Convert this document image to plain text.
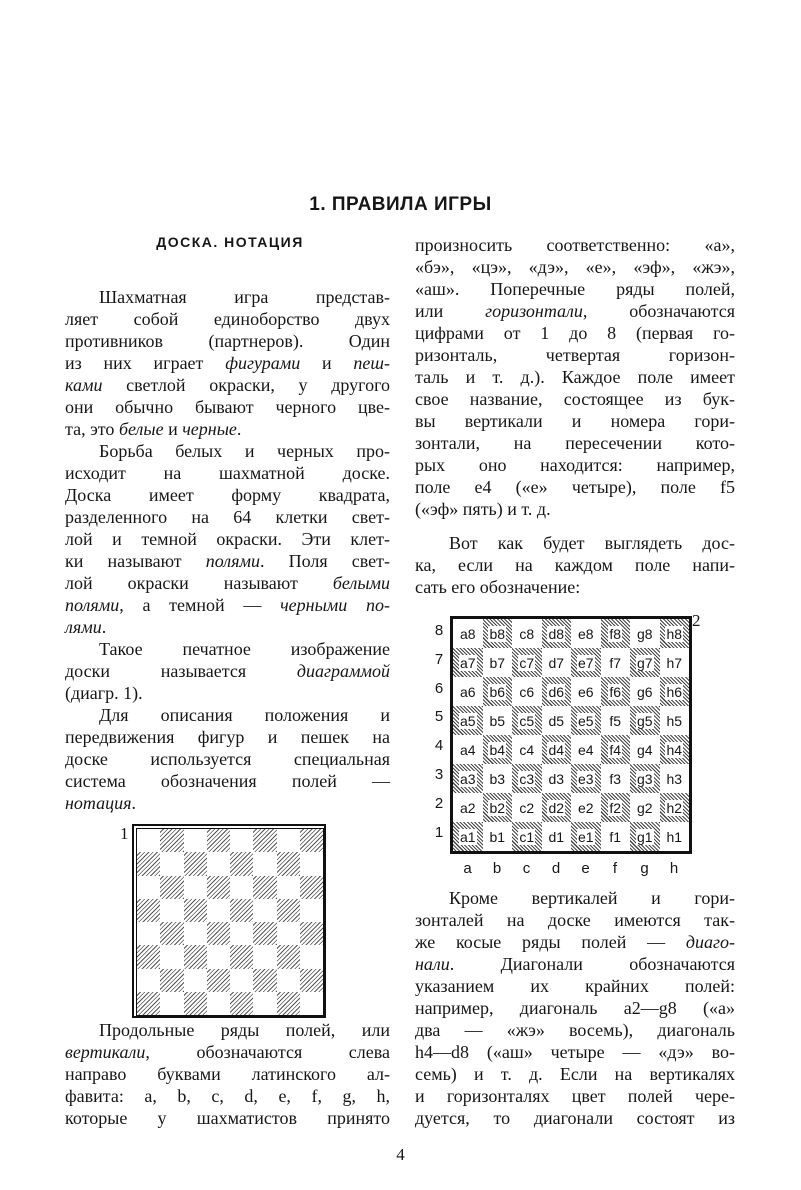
1. ПРАВИЛА ИГРЫ
ДОСКА. НОТАЦИЯ
Шахматная игра представ-
ляет собой единоборство двух
противников (партнеров). Один
из них играет фигурами и пеш-
ками светлой окраски, у другого
они обычно бывают черного цве-
та, это белые и черные.
Борьба белых и черных про-
исходит на шахматной доске.
Доска имеет форму квадрата,
разделенного на 64 клетки свет-
лой и темной окраски. Эти клет-
ки называют полями. Поля свет-
лой окраски называют белыми
полями, а темной — черными по-
лями.
Такое печатное изображение
доски называется диаграммой
(диагр. 1).
Для описания положения и
передвижения фигур и пешек на
доске используется специальная
система обозначения полей —
нотация.
Продольные ряды полей, или
вертикали, обозначаются слева
направо буквами латинского ал-
фавита: a, b, c, d, e, f, g, h,
которые у шахматистов принято
произносить соответственно: «а»,
«бэ», «цэ», «дэ», «е», «эф», «жэ»,
«аш». Поперечные ряды полей,
или горизонтали, обозначаются
цифрами от 1 до 8 (первая го-
ризонталь, четвертая горизон-
таль и т. д.). Каждое поле имеет
свое название, состоящее из бук-
вы вертикали и номера гори-
зонтали, на пересечении кото-
рых оно находится: например,
поле e4 («е» четыре), поле f5
(«эф» пять) и т. д.
Вот как будет выглядеть дос-
ка, если на каждом поле напи-
сать его обозначение:
Кроме вертикалей и гори-
зонталей на доске имеются так-
же косые ряды полей — диаго-
нали. Диагонали обозначаются
указанием их крайних полей:
например, диагональ a2—g8 («а»
два — «жэ» восемь), диагональ
h4—d8 («аш» четыре — «дэ» во-
семь) и т. д. Если на вертикалях
и горизонталях цвет полей чере-
дуется, то диагонали состоят из
1
2
a8 b8 c8 d8 e8 f8 g8 h8
a7 b7 c7 d7 e7 f7 g7 h7
a6 b6 c6 d6 e6 f6 g6 h6
a5 b5 c5 d5 e5 f5 g5 h5
a4 b4 c4 d4 e4 f4 g4 h4
a3 b3 c3 d3 e3 f3 g3 h3
a2 b2 c2 d2 e2 f2 g2 h2
a1 b1 c1 d1 e1 f1 g1 h1
8
7
6
5
4
3
2
1
a	b	c	d	e	f	g	h
4
